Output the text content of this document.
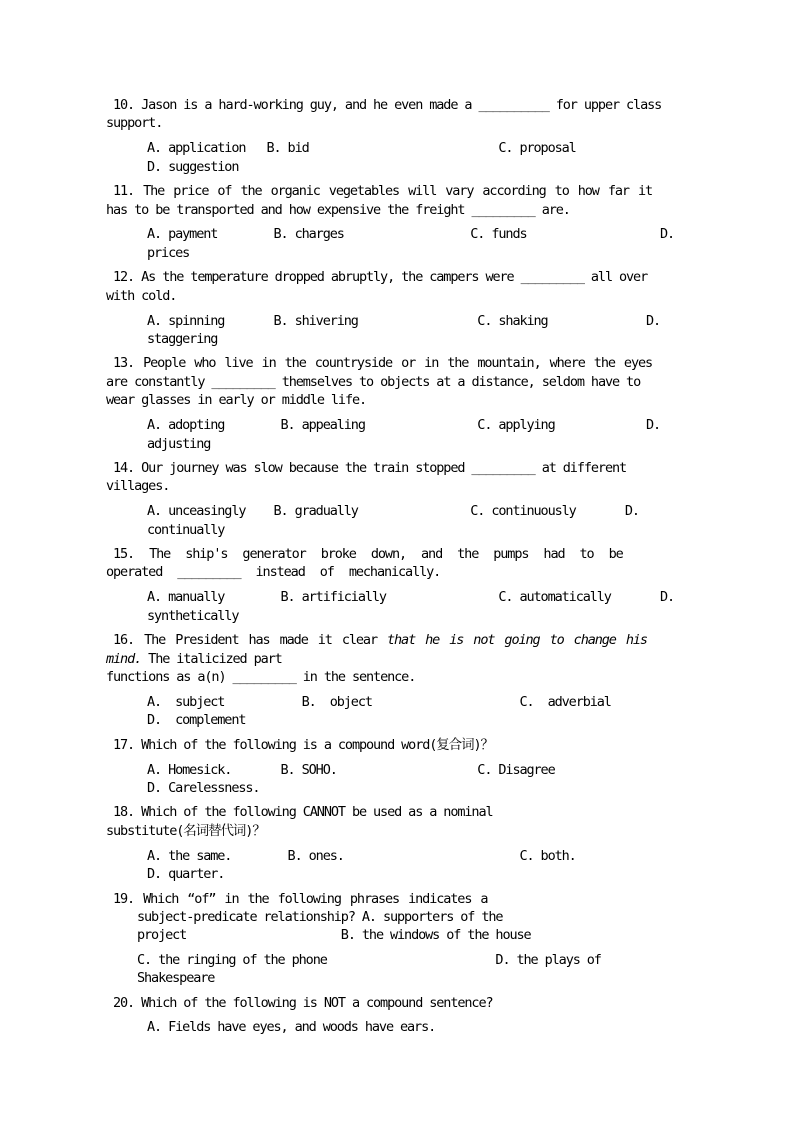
10. Jason is a hard-working guy, and he even made a __________ for upper class
support.
A. application   B. bid                           C. proposal
D. suggestion
11. The price of the organic vegetables will vary according to how far it
has to be transported and how expensive the freight _________ are.
A. payment        B. charges                  C. funds                   D.
prices
12. As the temperature dropped abruptly, the campers were _________ all over
with cold.
A. spinning       B. shivering                 C. shaking              D.
staggering
13. People who live in the countryside or in the mountain, where the eyes
are constantly _________ themselves to objects at a distance, seldom have to
wear glasses in early or middle life.
A. adopting        B. appealing                C. applying             D.
adjusting
14. Our journey was slow because the train stopped _________ at different
villages.
A. unceasingly    B. gradually                C. continuously       D.
continually
15. The ship's generator broke down, and the pumps had to be
operated _________ instead of mechanically.
A. manually        B. artificially                C. automatically       D.
synthetically
16. The President has made it clear that he is not going to change his
mind. The italicized part
functions as a(n) _________ in the sentence.
A.  subject           B.  object                     C.  adverbial
D.  complement
17. Which of the following is a compound word(复合词)？
A. Homesick.       B. SOHO.                    C. Disagree
D. Carelessness.
18. Which of the following CANNOT be used as a nominal
substitute(名词替代词)？
A. the same.        B. ones.                         C. both.
D. quarter.
19. Which “of” in the following phrases indicates a
subject-predicate relationship? A. supporters of the
project                      B. the windows of the house
C. the ringing of the phone                        D. the plays of
Shakespeare
20. Which of the following is NOT a compound sentence?
A. Fields have eyes, and woods have ears.
